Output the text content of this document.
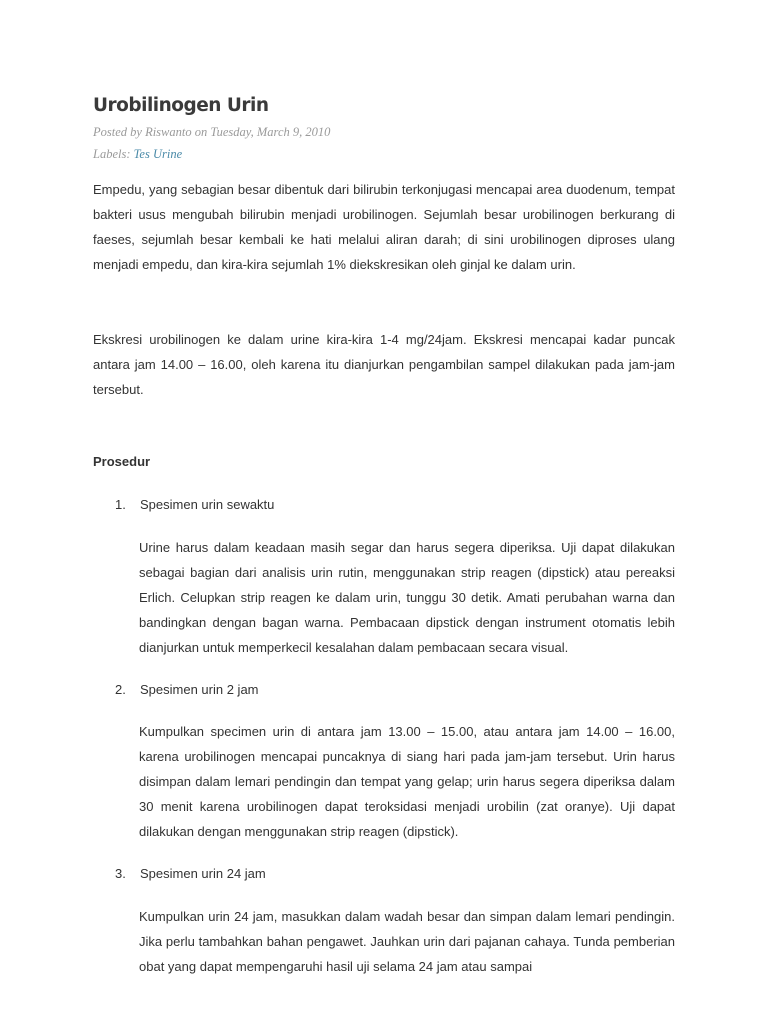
Urobilinogen Urin
Posted by Riswanto on Tuesday, March 9, 2010
Labels: Tes Urine

Empedu, yang sebagian besar dibentuk dari bilirubin terkonjugasi mencapai area duodenum, tempat bakteri usus mengubah bilirubin menjadi urobilinogen. Sejumlah besar urobilinogen berkurang di faeses, sejumlah besar kembali ke hati melalui aliran darah; di sini urobilinogen diproses ulang menjadi empedu, dan kira-kira sejumlah 1% diekskresikan oleh ginjal ke dalam urin.

Ekskresi urobilinogen ke dalam urine kira-kira 1-4 mg/24jam. Ekskresi mencapai kadar puncak antara jam 14.00 – 16.00, oleh karena itu dianjurkan pengambilan sampel dilakukan pada jam-jam tersebut.

Prosedur
1. Spesimen urin sewaktu

Urine harus dalam keadaan masih segar dan harus segera diperiksa. Uji dapat dilakukan sebagai bagian dari analisis urin rutin, menggunakan strip reagen (dipstick) atau pereaksi Erlich. Celupkan strip reagen ke dalam urin, tunggu 30 detik. Amati perubahan warna dan bandingkan dengan bagan warna. Pembacaan dipstick dengan instrument otomatis lebih dianjurkan untuk memperkecil kesalahan dalam pembacaan secara visual.

2. Spesimen urin 2 jam

Kumpulkan specimen urin di antara jam 13.00 – 15.00, atau antara jam 14.00 – 16.00, karena urobilinogen mencapai puncaknya di siang hari pada jam-jam tersebut. Urin harus disimpan dalam lemari pendingin dan tempat yang gelap; urin harus segera diperiksa dalam 30 menit karena urobilinogen dapat teroksidasi menjadi urobilin (zat oranye). Uji dapat dilakukan dengan menggunakan strip reagen (dipstick).

3. Spesimen urin 24 jam

Kumpulkan urin 24 jam, masukkan dalam wadah besar dan simpan dalam lemari pendingin. Jika perlu tambahkan bahan pengawet. Jauhkan urin dari pajanan cahaya. Tunda pemberian obat yang dapat mempengaruhi hasil uji selama 24 jam atau sampai
